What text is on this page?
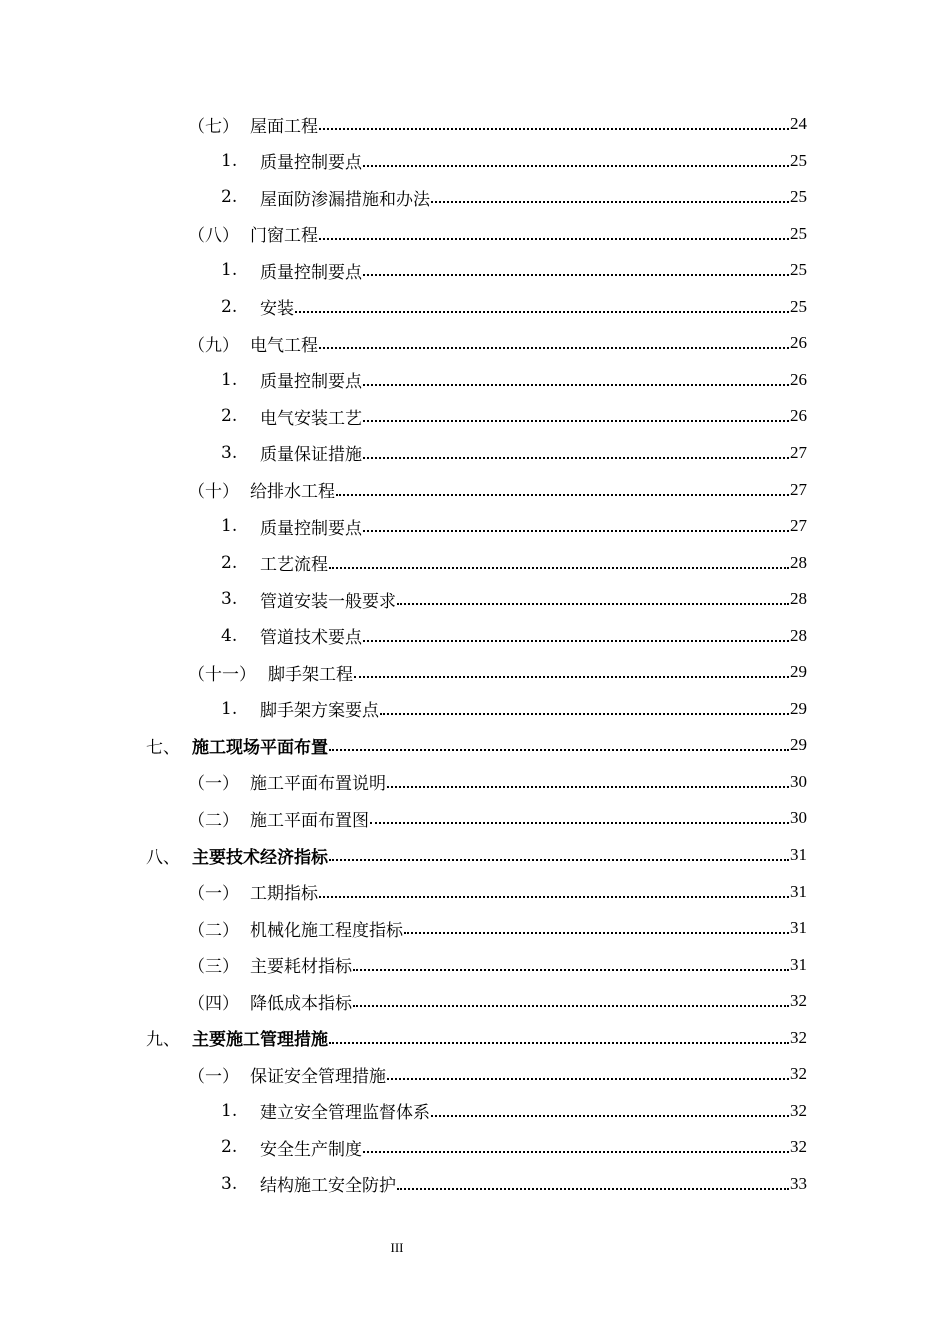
（七） 屋面工程	24
1.	质量控制要点	25
2.	屋面防渗漏措施和办法	25
（八） 门窗工程	25
1.	质量控制要点	25
2.	安装	25
（九） 电气工程	26
1.	质量控制要点	26
2.	电气安装工艺	26
3.	质量保证措施	27
（十） 给排水工程	27
1.	质量控制要点	27
2.	工艺流程	28
3.	管道安装一般要求	28
4.	管道技术要点	28
（十一） 脚手架工程	29
1.	脚手架方案要点	29
七、 施工现场平面布置	29
（一） 施工平面布置说明	30
（二） 施工平面布置图	30
八、 主要技术经济指标	31
（一） 工期指标	31
（二） 机械化施工程度指标	31
（三） 主要耗材指标	31
（四） 降低成本指标	32
九、 主要施工管理措施	32
（一） 保证安全管理措施	32
1.	建立安全管理监督体系	32
2.	安全生产制度	32
3.	结构施工安全防护	33
III
